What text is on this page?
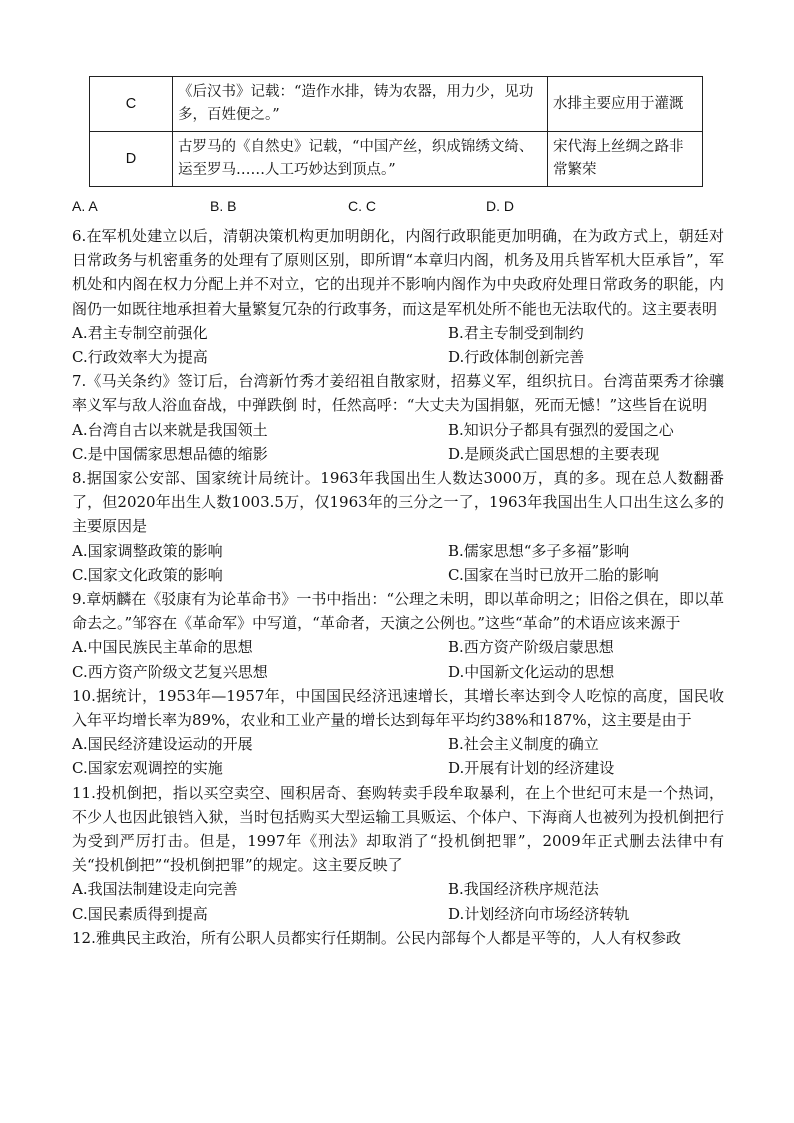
C	《后汉书》记载：“造作水排，铸为农器，用力少，见功多，百姓便之。”	水排主要应用于灌溉
D	古罗马的《自然史》记载，“中国产丝，织成锦绣文绮、运至罗马……人工巧妙达到顶点。”	宋代海上丝绸之路非常繁荣
A. A	B. B	C. C	D. D
6.在军机处建立以后，清朝决策机构更加明朗化，内阁行政职能更加明确，在为政方式上，朝廷对日常政务与机密重务的处理有了原则区别，即所谓“本章归内阁，机务及用兵皆军机大臣承旨”，军机处和内阁在权力分配上并不对立，它的出现并不影响内阁作为中央政府处理日常政务的职能，内阁仍一如既往地承担着大量繁复冗杂的行政事务，而这是军机处所不能也无法取代的。这主要表明
A.君主专制空前强化	B.君主专制受到制约
C.行政效率大为提高	D.行政体制创新完善
7.《马关条约》签订后，台湾新竹秀才姜绍祖自散家财，招募义军，组织抗日。台湾苗栗秀才徐骧率义军与敌人浴血奋战，中弹跌倒 时，任然高呼：“大丈夫为国捐躯，死而无憾！”这些旨在说明
A.台湾自古以来就是我国领土	B.知识分子都具有强烈的爱国之心
C.是中国儒家思想品德的缩影	D.是顾炎武亡国思想的主要表现
8.据国家公安部、国家统计局统计。1963年我国出生人数达3000万，真的多。现在总人数翻番了，但2020年出生人数1003.5万，仅1963年的三分之一了，1963年我国出生人口出生这么多的主要原因是
A.国家调整政策的影响	B.儒家思想“多子多福”影响
C.国家文化政策的影响	C.国家在当时已放开二胎的影响
9.章炳麟在《驳康有为论革命书》一书中指出：“公理之未明，即以革命明之；旧俗之俱在，即以革命去之。”邹容在《革命军》中写道，“革命者，天演之公例也。”这些“革命”的术语应该来源于
A.中国民族民主革命的思想	B.西方资产阶级启蒙思想
C.西方资产阶级文艺复兴思想	D.中国新文化运动的思想
10.据统计，1953年—1957年，中国国民经济迅速增长，其增长率达到令人吃惊的高度，国民收入年平均增长率为89%，农业和工业产量的增长达到每年平均约38%和187%，这主要是由于
A.国民经济建设运动的开展	B.社会主义制度的确立
C.国家宏观调控的实施	D.开展有计划的经济建设
11.投机倒把，指以买空卖空、囤积居奇、套购转卖手段牟取暴利，在上个世纪可末是一个热词，不少人也因此锒铛入狱，当时包括购买大型运输工具贩运、个体户、下海商人也被列为投机倒把行为受到严厉打击。但是，1997年《刑法》却取消了“投机倒把罪”，2009年正式删去法律中有关“投机倒把”“投机倒把罪”的规定。这主要反映了
A.我国法制建设走向完善	B.我国经济秩序规范法
C.国民素质得到提高	D.计划经济向市场经济转轨
12.雅典民主政治，所有公职人员都实行任期制。公民内部每个人都是平等的，人人有权参政
